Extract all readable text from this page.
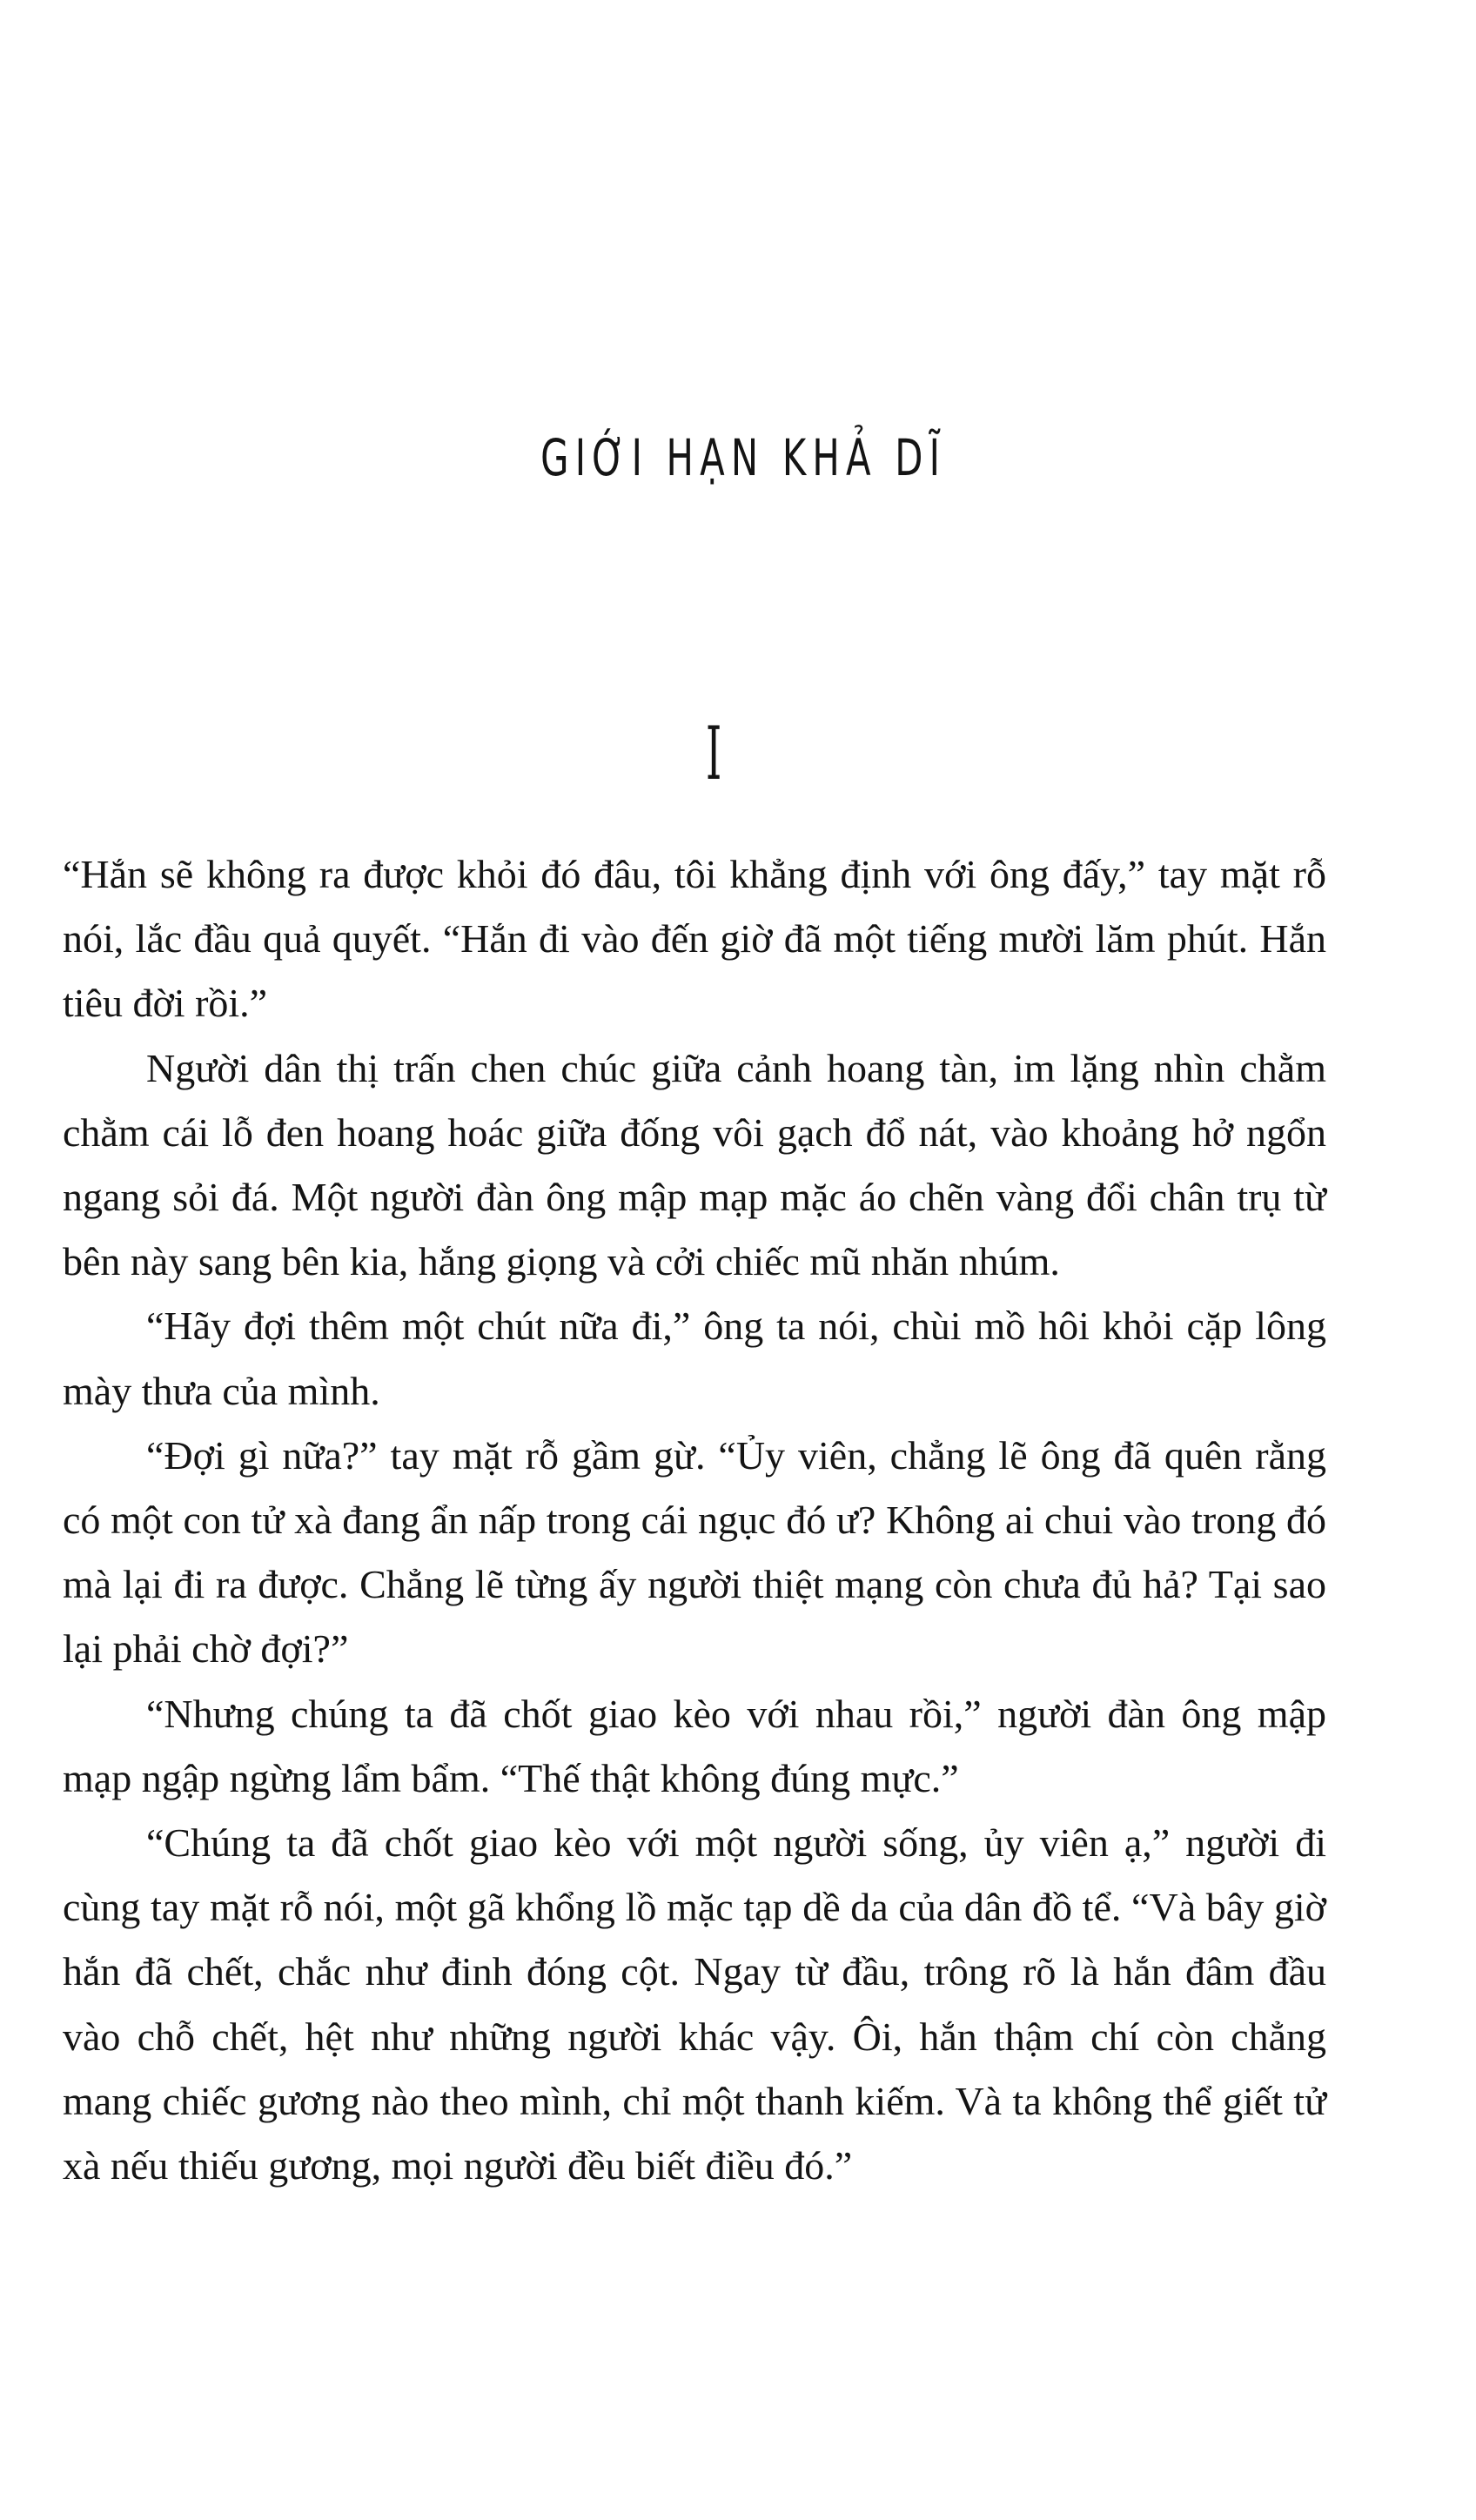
GIỚI HẠN KHẢ DĨ
I

“Hắn sẽ không ra được khỏi đó đâu, tôi khẳng định với ông đấy,” tay mặt rỗ nói, lắc đầu quả quyết. “Hắn đi vào đến giờ đã một tiếng mười lăm phút. Hắn tiêu đời rồi.”

Người dân thị trấn chen chúc giữa cảnh hoang tàn, im lặng nhìn chằm chằm cái lỗ đen hoang hoác giữa đống vôi gạch đổ nát, vào khoảng hở ngổn ngang sỏi đá. Một người đàn ông mập mạp mặc áo chẽn vàng đổi chân trụ từ bên này sang bên kia, hắng giọng và cởi chiếc mũ nhăn nhúm.

“Hãy đợi thêm một chút nữa đi,” ông ta nói, chùi mồ hôi khỏi cặp lông mày thưa của mình.

“Đợi gì nữa?” tay mặt rỗ gầm gừ. “Ủy viên, chẳng lẽ ông đã quên rằng có một con tử xà đang ẩn nấp trong cái ngục đó ư? Không ai chui vào trong đó mà lại đi ra được. Chẳng lẽ từng ấy người thiệt mạng còn chưa đủ hả? Tại sao lại phải chờ đợi?”

“Nhưng chúng ta đã chốt giao kèo với nhau rồi,” người đàn ông mập mạp ngập ngừng lẩm bẩm. “Thế thật không đúng mực.”

“Chúng ta đã chốt giao kèo với một người sống, ủy viên ạ,” người đi cùng tay mặt rỗ nói, một gã khổng lồ mặc tạp dề da của dân đồ tể. “Và bây giờ hắn đã chết, chắc như đinh đóng cột. Ngay từ đầu, trông rõ là hắn đâm đầu vào chỗ chết, hệt như những người khác vậy. Ôi, hắn thậm chí còn chẳng mang chiếc gương nào theo mình, chỉ một thanh kiếm. Và ta không thể giết tử xà nếu thiếu gương, mọi người đều biết điều đó.”
